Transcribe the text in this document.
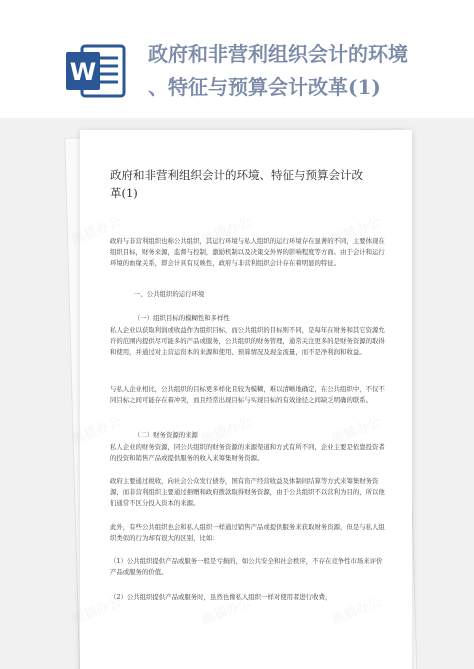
W
政府和非营利组织会计的环境
、特征与预算会计改革(1)
政府和非营利组织会计的环境、特征与预算会计改
革(1)
政府与非营利组织也称公共组织，其运行环境与私人组织的运行环境存在显著的不同，主要体现在组织目标，财务来源，监督与控制，激励机制以及决策交外界的影响程度等方面。由于会计和运行环境的血缘关系，即会计具有反映性，政府与非营利组织会计存在着明显的特征。
一、公共组织的运行环境
（一）组织目标的模糊性和多样性
私人企业以获取利润或收益作为组织目标，而公共组织的目标则不同，是每年在财务和其它资源允许的范围内提供尽可能多的产品或服务，公共组织的财务管理，通常关注更多的是财务资源的取得和使用，并通过对主营运资本的来源和使用、预算情况及现金流量，而不是净利润和收益。
与私人企业相比，公共组织的目标更多样化且较为模糊，难以清晰地确定，在公共组织中，不仅不同目标之间可能存在着冲突，而且经常出现目标与实现目标的有效途径之间缺乏明确的联系。
（二）财务资源的来源
私人企业的财务资源，同公共组织的财务资源的来源渠道和方式有所不同，企业主要是依靠投资者的投资和销售产品或提供服务的收入来筹集财务资源。
政府主要通过税收，向社会公众发行债券，国有资产经营收益及体制间结算等方式来筹集财务资源，而非营利组织主要通过捐赠和政府拨款取得财务资源，由于公共组织不以营利为目的，所以他们通常不区分投入资本的来源。
此外，有些公共组织也会和私人组织一样通过销售产品或提供服务来获取财务资源，但是与私人组织类似的行为却有很大的区别，比如：
（1）公共组织提供产品或服务一般是亏损的，如公共安全和社会秩序，不存在竞争性市场来评价产品或服务的价值。
（2）公共组织提供产品或服务时，虽然也像私人组织一样对使用者进行收费，
熊猫办公	熊猫办公	熊猫办公
熊猫办公	熊猫办公	熊猫办公
熊猫办公	熊猫办公	熊猫办公
